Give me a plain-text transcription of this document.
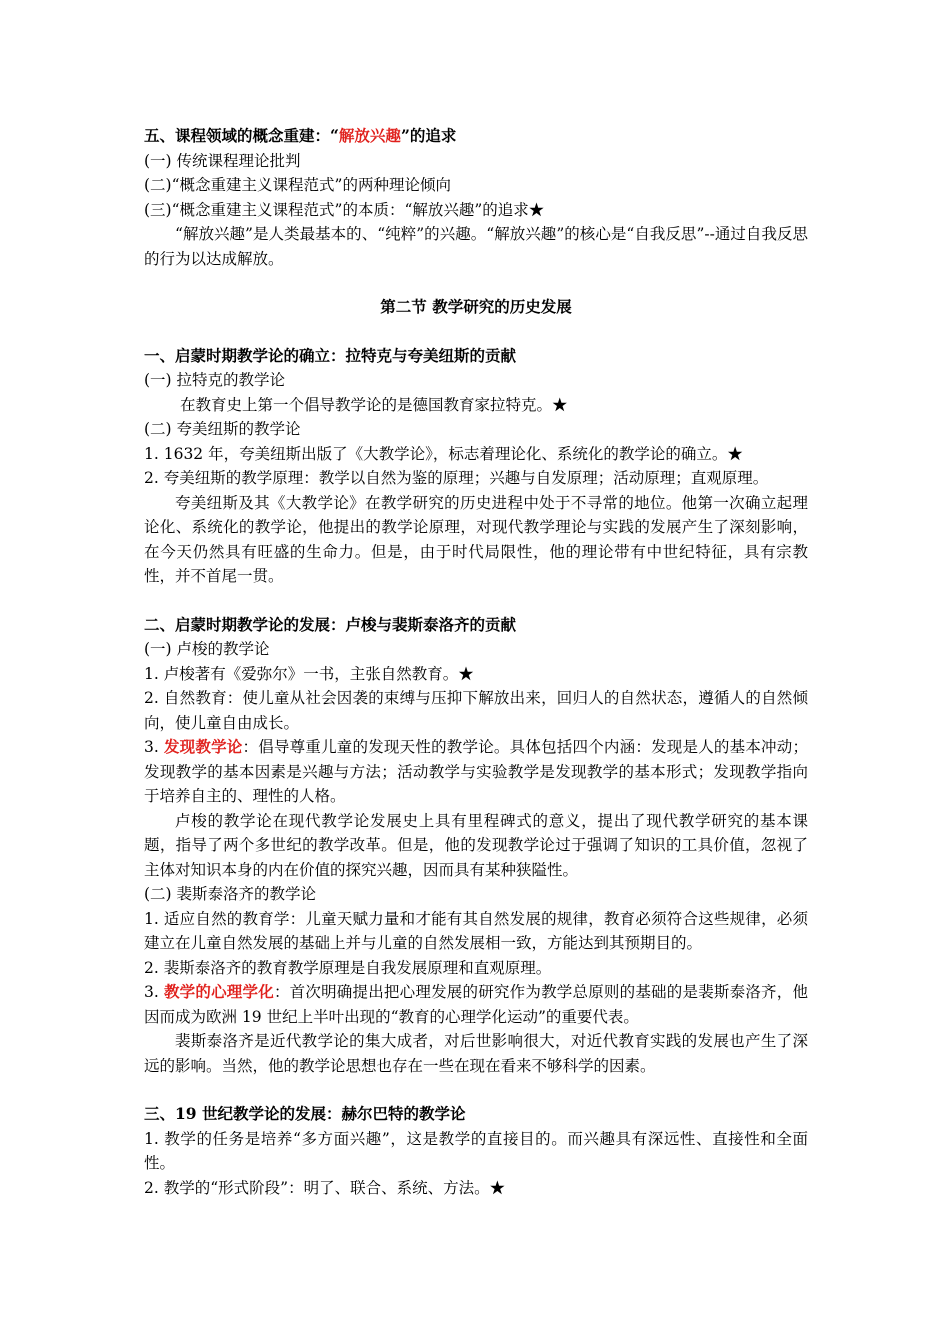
五、课程领域的概念重建：“解放兴趣”的追求

(一) 传统课程理论批判

(二)“概念重建主义课程范式”的两种理论倾向

(三)“概念重建主义课程范式”的本质：“解放兴趣”的追求★

“解放兴趣”是人类最基本的、“纯粹”的兴趣。“解放兴趣”的核心是“自我反思”--通过自我反思的行为以达成解放。

第二节 教学研究的历史发展

一、启蒙时期教学论的确立：拉特克与夸美纽斯的贡献

(一) 拉特克的教学论

在教育史上第一个倡导教学论的是德国教育家拉特克。★

(二) 夸美纽斯的教学论

1. 1632 年，夸美纽斯出版了《大教学论》，标志着理论化、系统化的教学论的确立。★

2. 夸美纽斯的教学原理：教学以自然为鉴的原理；兴趣与自发原理；活动原理；直观原理。

夸美纽斯及其《大教学论》在教学研究的历史进程中处于不寻常的地位。他第一次确立起理论化、系统化的教学论，他提出的教学论原理，对现代教学理论与实践的发展产生了深刻影响，在今天仍然具有旺盛的生命力。但是，由于时代局限性，他的理论带有中世纪特征，具有宗教性，并不首尾一贯。

二、启蒙时期教学论的发展：卢梭与裴斯泰洛齐的贡献

(一) 卢梭的教学论

1. 卢梭著有《爱弥尔》一书，主张自然教育。★

2. 自然教育：使儿童从社会因袭的束缚与压抑下解放出来，回归人的自然状态，遵循人的自然倾向，使儿童自由成长。

3. 发现教学论：倡导尊重儿童的发现天性的教学论。具体包括四个内涵：发现是人的基本冲动；发现教学的基本因素是兴趣与方法；活动教学与实验教学是发现教学的基本形式；发现教学指向于培养自主的、理性的人格。

卢梭的教学论在现代教学论发展史上具有里程碑式的意义，提出了现代教学研究的基本课题，指导了两个多世纪的教学改革。但是，他的发现教学论过于强调了知识的工具价值，忽视了主体对知识本身的内在价值的探究兴趣，因而具有某种狭隘性。

(二) 裴斯泰洛齐的教学论

1. 适应自然的教育学：儿童天赋力量和才能有其自然发展的规律，教育必须符合这些规律，必须建立在儿童自然发展的基础上并与儿童的自然发展相一致，方能达到其预期目的。

2. 裴斯泰洛齐的教育教学原理是自我发展原理和直观原理。

3. 教学的心理学化：首次明确提出把心理发展的研究作为教学总原则的基础的是裴斯泰洛齐，他因而成为欧洲 19 世纪上半叶出现的“教育的心理学化运动”的重要代表。

裴斯泰洛齐是近代教学论的集大成者，对后世影响很大，对近代教育实践的发展也产生了深远的影响。当然，他的教学论思想也存在一些在现在看来不够科学的因素。

三、19 世纪教学论的发展：赫尔巴特的教学论

1. 教学的任务是培养“多方面兴趣”，这是教学的直接目的。而兴趣具有深远性、直接性和全面性。

2. 教学的“形式阶段”：明了、联合、系统、方法。★
